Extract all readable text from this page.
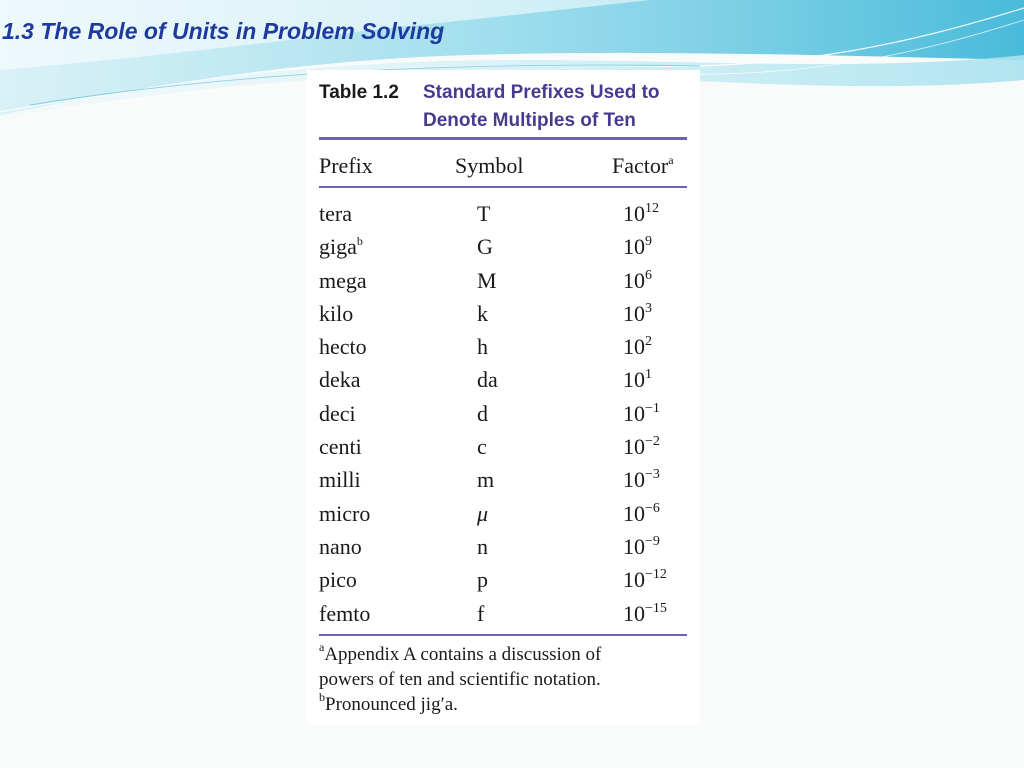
1.3 The Role of Units in Problem Solving
Table 1.2 Standard Prefixes Used to
Denote Multiples of Ten
Prefix	Symbol	Factor$^a$
tera	T	$10^{12}$
giga$^b$	G	$10^9$
mega	M	$10^6$
kilo	k	$10^3$
hecto	h	$10^2$
deka	da	$10^1$
deci	d	$10^{-1}$
centi	c	$10^{-2}$
milli	m	$10^{-3}$
micro	μ	$10^{-6}$
nano	n	$10^{-9}$
pico	p	$10^{-12}$
femto	f	$10^{-15}$
$^a$Appendix A contains a discussion of
powers of ten and scientific notation.
$^b$Pronounced jig′a.
